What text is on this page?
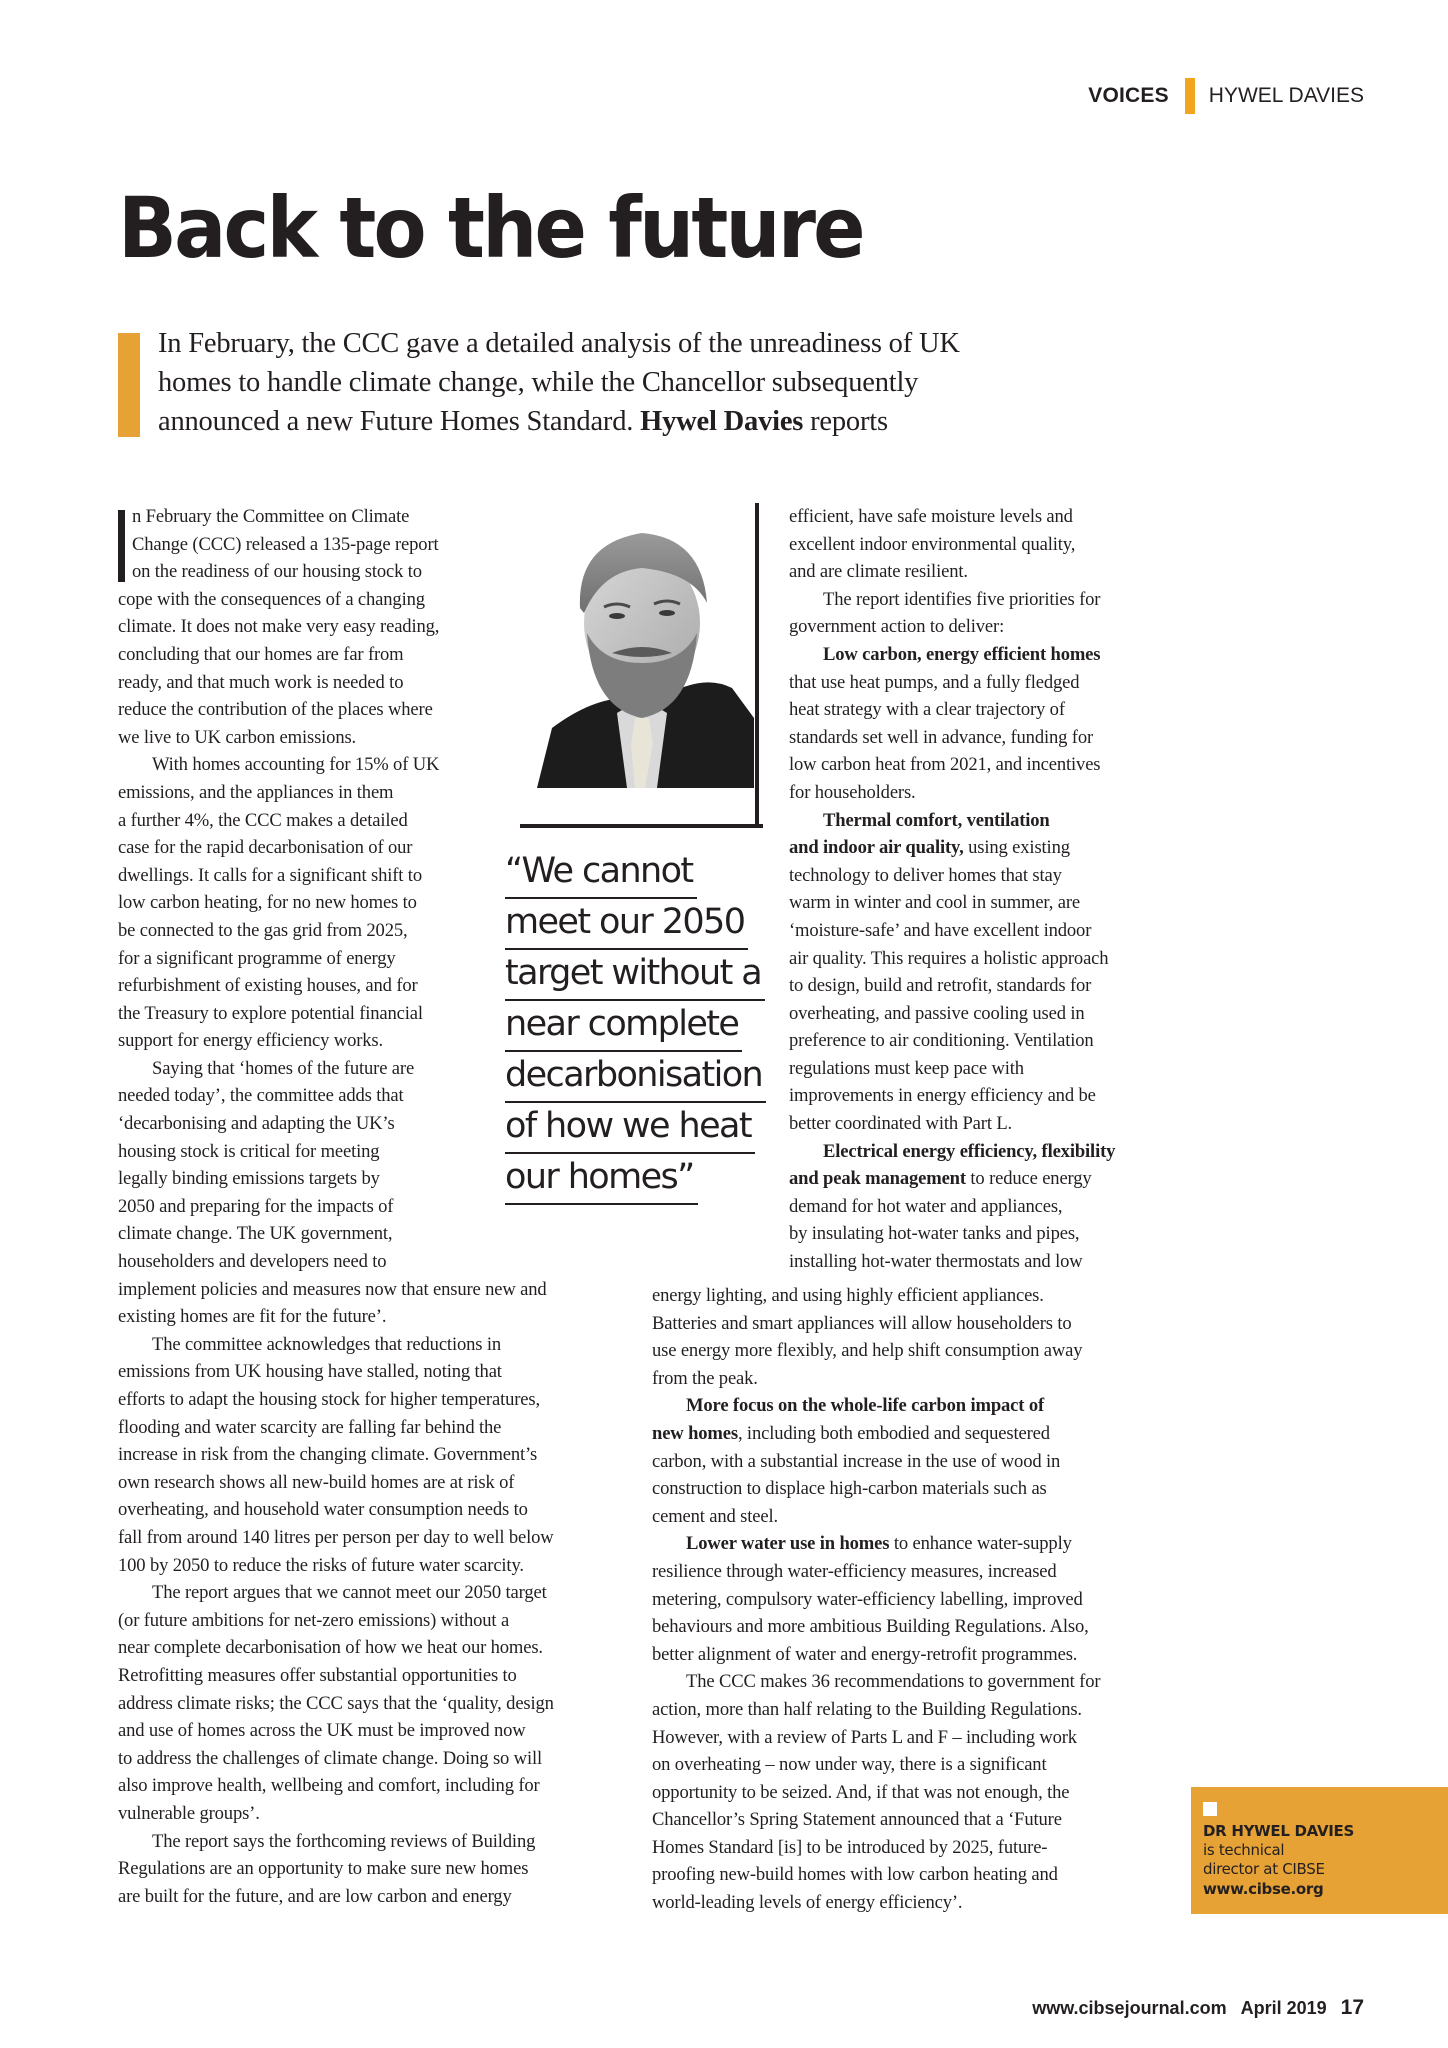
VOICES HYWEL DAVIES
Back to the future
In February, the CCC gave a detailed analysis of the unreadiness of UK
homes to handle climate change, while the Chancellor subsequently
announced a new Future Homes Standard. Hywel Davies reports
n February the Committee on Climate
Change (CCC) released a 135-page report
on the readiness of our housing stock to
cope with the consequences of a changing
climate. It does not make very easy reading,
concluding that our homes are far from
ready, and that much work is needed to
reduce the contribution of the places where
we live to UK carbon emissions.
With homes accounting for 15% of UK
emissions, and the appliances in them
a further 4%, the CCC makes a detailed
case for the rapid decarbonisation of our
dwellings. It calls for a significant shift to
low carbon heating, for no new homes to
be connected to the gas grid from 2025,
for a significant programme of energy
refurbishment of existing houses, and for
the Treasury to explore potential financial
support for energy efficiency works.
Saying that ‘homes of the future are
needed today’, the committee adds that
‘decarbonising and adapting the UK’s
housing stock is critical for meeting
legally binding emissions targets by
2050 and preparing for the impacts of
climate change. The UK government,
householders and developers need to
implement policies and measures now that ensure new and
existing homes are fit for the future’.
The committee acknowledges that reductions in
emissions from UK housing have stalled, noting that
efforts to adapt the housing stock for higher temperatures,
flooding and water scarcity are falling far behind the
increase in risk from the changing climate. Government’s
own research shows all new-build homes are at risk of
overheating, and household water consumption needs to
fall from around 140 litres per person per day to well below
100 by 2050 to reduce the risks of future water scarcity.
The report argues that we cannot meet our 2050 target
(or future ambitions for net-zero emissions) without a
near complete decarbonisation of how we heat our homes.
Retrofitting measures offer substantial opportunities to
address climate risks; the CCC says that the ‘quality, design
and use of homes across the UK must be improved now
to address the challenges of climate change. Doing so will
also improve health, wellbeing and comfort, including for
vulnerable groups’.
The report says the forthcoming reviews of Building
Regulations are an opportunity to make sure new homes
are built for the future, and are low carbon and energy
“We cannot
meet our 2050
target without a
near complete
decarbonisation
of how we heat
our homes”
efficient, have safe moisture levels and
excellent indoor environmental quality,
and are climate resilient.
The report identifies five priorities for
government action to deliver:
Low carbon, energy efficient homes
that use heat pumps, and a fully fledged
heat strategy with a clear trajectory of
standards set well in advance, funding for
low carbon heat from 2021, and incentives
for householders.
Thermal comfort, ventilation
and indoor air quality, using existing
technology to deliver homes that stay
warm in winter and cool in summer, are
‘moisture-safe’ and have excellent indoor
air quality. This requires a holistic approach
to design, build and retrofit, standards for
overheating, and passive cooling used in
preference to air conditioning. Ventilation
regulations must keep pace with
improvements in energy efficiency and be
better coordinated with Part L.
Electrical energy efficiency, flexibility
and peak management to reduce energy
demand for hot water and appliances,
by insulating hot-water tanks and pipes,
installing hot-water thermostats and low
energy lighting, and using highly efficient appliances.
Batteries and smart appliances will allow householders to
use energy more flexibly, and help shift consumption away
from the peak.
More focus on the whole-life carbon impact of
new homes, including both embodied and sequestered
carbon, with a substantial increase in the use of wood in
construction to displace high-carbon materials such as
cement and steel.
Lower water use in homes to enhance water-supply
resilience through water-efficiency measures, increased
metering, compulsory water-efficiency labelling, improved
behaviours and more ambitious Building Regulations. Also,
better alignment of water and energy-retrofit programmes.
The CCC makes 36 recommendations to government for
action, more than half relating to the Building Regulations.
However, with a review of Parts L and F – including work
on overheating – now under way, there is a significant
opportunity to be seized. And, if that was not enough, the
Chancellor’s Spring Statement announced that a ‘Future
Homes Standard [is] to be introduced by 2025, future-
proofing new-build homes with low carbon heating and
world-leading levels of energy efficiency’.
DR HYWEL DAVIES
is technical
director at CIBSE
www.cibse.org
www.cibsejournal.com April 2019 17
